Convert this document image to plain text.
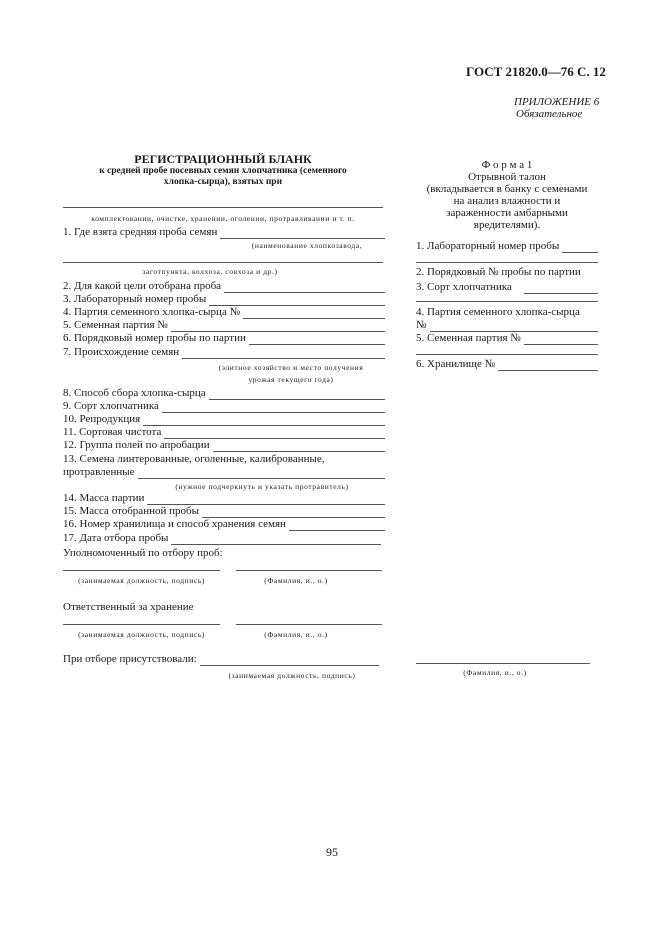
ГОСТ 21820.0—76 С. 12
ПРИЛОЖЕНИЕ 6
Обязательное
РЕГИСТРАЦИОННЫЙ БЛАНК
к средней пробе посевных семян хлопчатника (семенного
хлопка-сырца), взятых при
комплектовании, очистке, хранении, оголении, протравливании и т. п.
1. Где взята средняя проба семян
(наименование хлопкозавода,
заготпункта, колхоза, совхоза и др.)
2. Для какой цели отобрана проба
3. Лабораторный номер пробы
4. Партия семенного хлопка-сырца №
5. Семенная партия №
6. Порядковый номер пробы по партии
7. Происхождение семян
(элитное хозяйство и место получения
урожая текущего года)
8. Способ сбора хлопка-сырца
9. Сорт хлопчатника
10. Репродукция
11. Сортовая чистота
12. Группа полей по апробации
13. Семена линтерованные, оголенные, калиброванные,
протравленные
(нужное подчеркнуть и указать протравитель)
14. Масса партии
15. Масса отобранной пробы
16. Номер хранилища и способ хранения семян
17. Дата отбора пробы
Уполномоченный по отбору проб:
(занимаемая должность, подпись)	(Фамилия, и., о.)
Ответственный за хранение
(занимаемая должность, подпись)	(Фамилия, и., о.)
При отборе присутствовали:
(занимаемая должность, подпись)
Ф о р м а 1
Отрывной талон
(вкладывается в банку с семенами
на анализ влажности и
зараженности амбарными
вредителями).
1. Лабораторный номер пробы
2. Порядковый № пробы по партии
3. Сорт хлопчатника
4. Партия семенного хлопка-сырца
№
5. Семенная партия №
6. Хранилище №
(Фамилия, и., о.)
95
